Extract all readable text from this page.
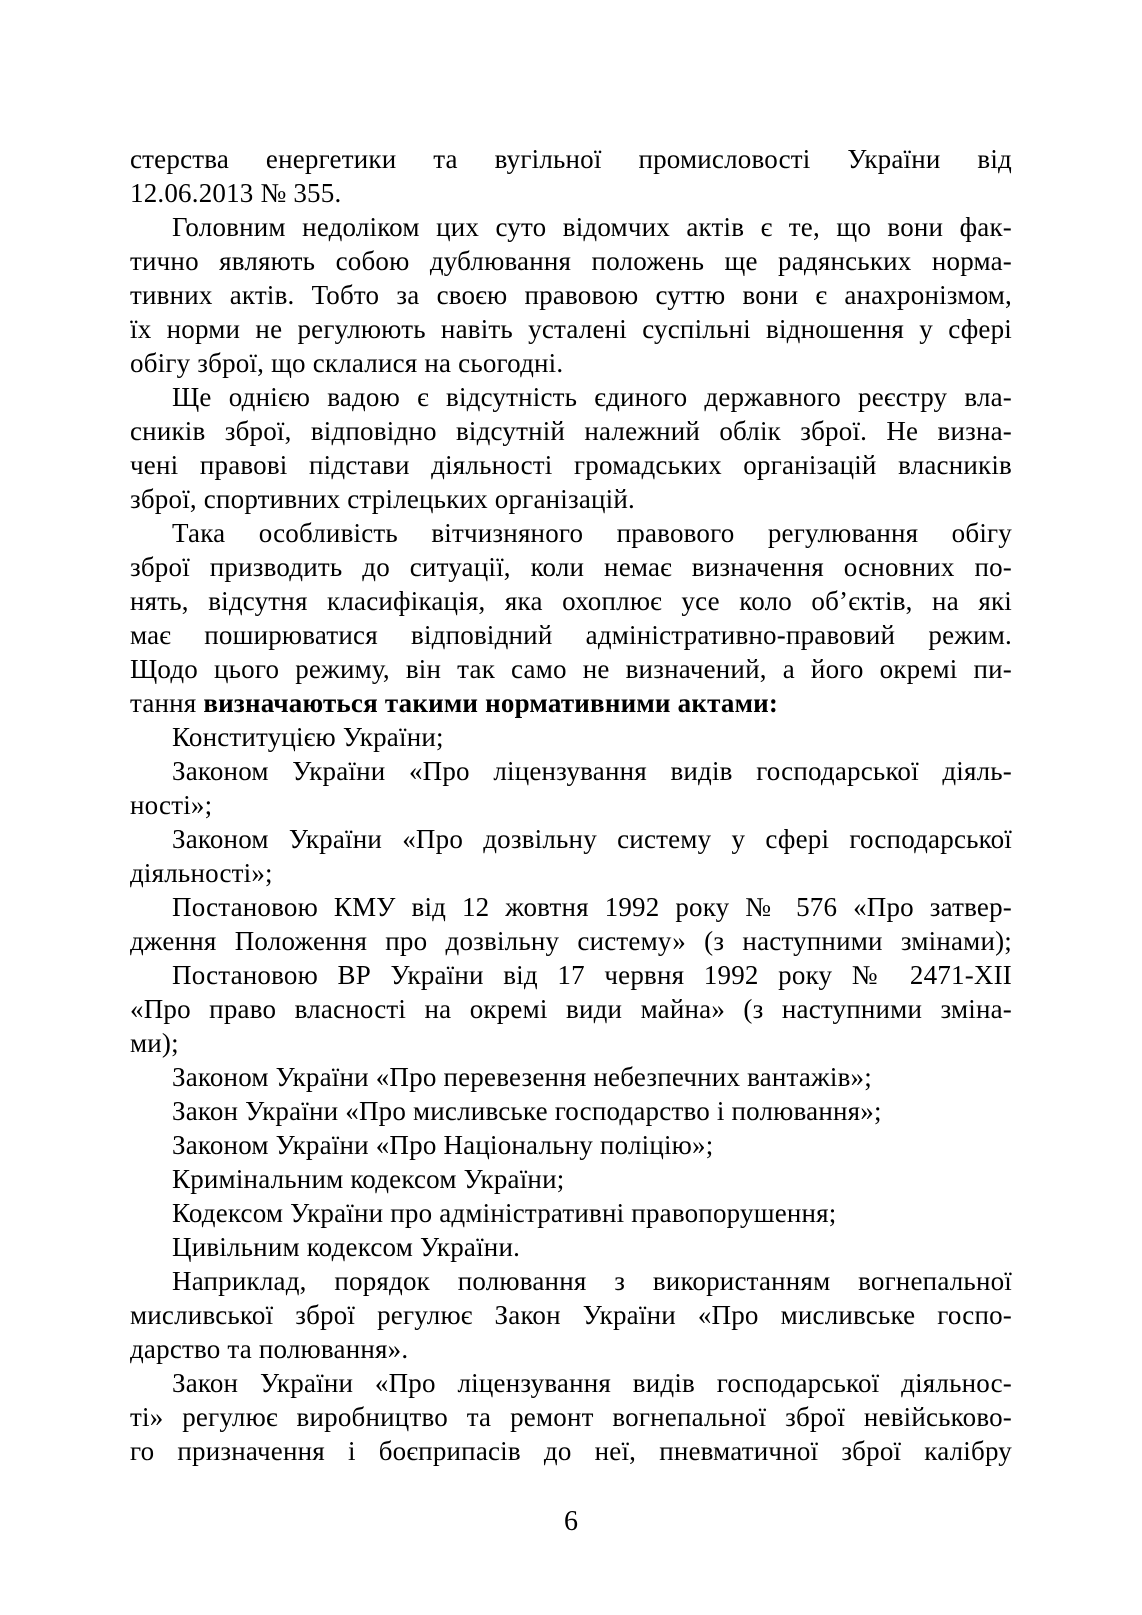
стерства енергетики та вугільної промисловості України від
12.06.2013 № 355.
Головним недоліком цих суто відомчих актів є те, що вони фак-
тично являють собою дублювання положень ще радянських норма-
тивних актів. Тобто за своєю правовою суттю вони є анахронізмом,
їх норми не регулюють навіть усталені суспільні відношення у сфері
обігу зброї, що склалися на сьогодні.
Ще однією вадою є відсутність єдиного державного реєстру вла-
сників зброї, відповідно відсутній належний облік зброї. Не визна-
чені правові підстави діяльності громадських організацій власників
зброї, спортивних стрілецьких організацій.
Така особливість вітчизняного правового регулювання обігу
зброї призводить до ситуації, коли немає визначення основних по-
нять, відсутня класифікація, яка охоплює усе коло об’єктів, на які
має поширюватися відповідний адміністративно-правовий режим.
Щодо цього режиму, він так само не визначений, а його окремі пи-
тання визначаються такими нормативними актами:
Конституцією України;
Законом України «Про ліцензування видів господарської діяль-
ності»;
Законом України «Про дозвільну систему у сфері господарської
діяльності»;
Постановою КМУ від 12 жовтня 1992 року № 576 «Про затвер-
дження Положення про дозвільну систему» (з наступними змінами);
Постановою ВР України від 17 червня 1992 року № 2471-XII
«Про право власності на окремі види майна» (з наступними зміна-
ми);
Законом України «Про перевезення небезпечних вантажів»;
Закон України «Про мисливське господарство і полювання»;
Законом України «Про Національну поліцію»;
Кримінальним кодексом України;
Кодексом України про адміністративні правопорушення;
Цивільним кодексом України.
Наприклад, порядок полювання з використанням вогнепальної
мисливської зброї регулює Закон України «Про мисливське госпо-
дарство та полювання».
Закон України «Про ліцензування видів господарської діяльнос-
ті» регулює виробництво та ремонт вогнепальної зброї невійськово-
го призначення і боєприпасів до неї, пневматичної зброї калібру
6
